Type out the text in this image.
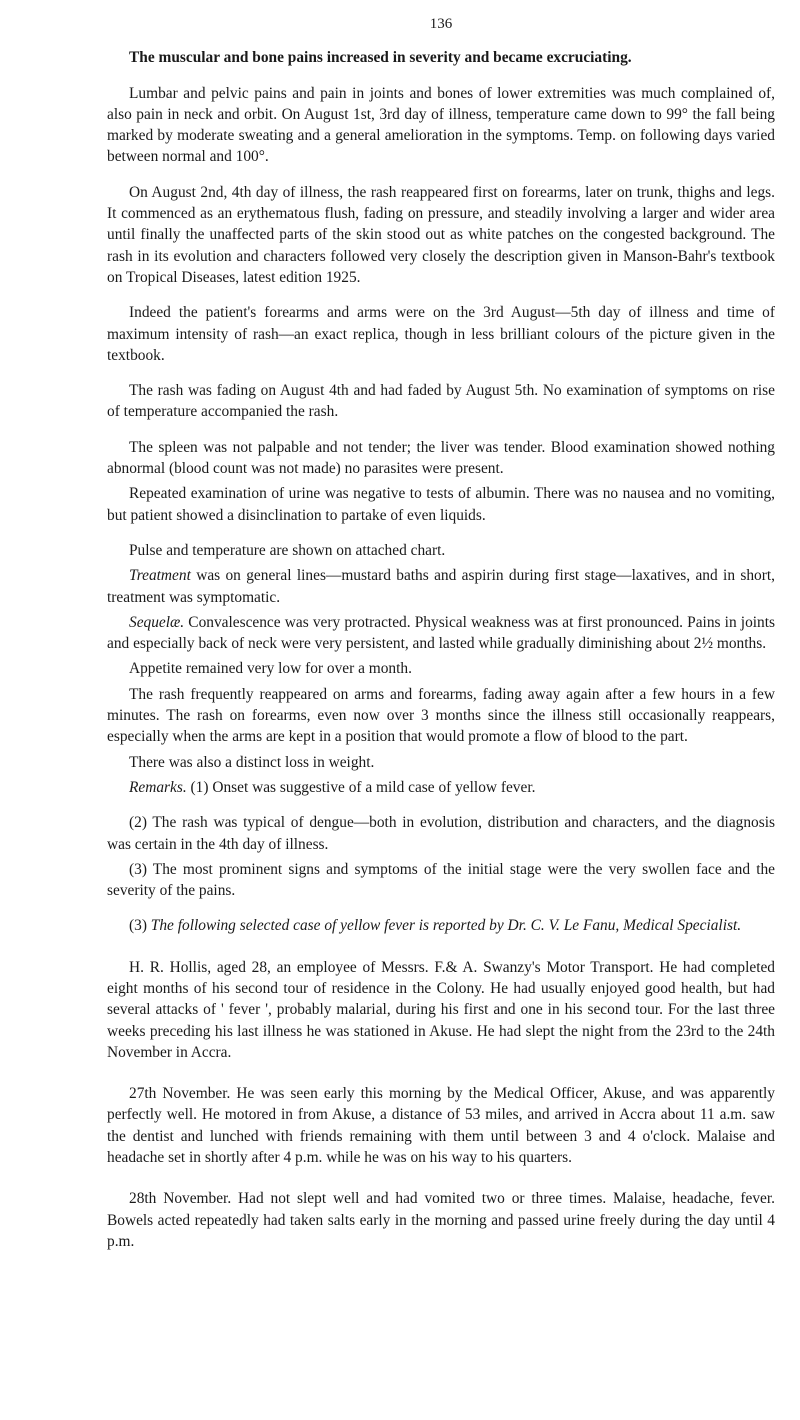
136

The muscular and bone pains increased in severity and became excruciating.

Lumbar and pelvic pains and pain in joints and bones of lower extremities was much complained of, also pain in neck and orbit. On August 1st, 3rd day of illness, temperature came down to 99° the fall being marked by moderate sweating and a general amelioration in the symptoms. Temp. on following days varied between normal and 100°.

On August 2nd, 4th day of illness, the rash reappeared first on forearms, later on trunk, thighs and legs. It commenced as an erythematous flush, fading on pressure, and steadily involving a larger and wider area until finally the unaffected parts of the skin stood out as white patches on the congested background. The rash in its evolution and characters followed very closely the description given in Manson-Bahr's textbook on Tropical Diseases, latest edition 1925.

Indeed the patient's forearms and arms were on the 3rd August—5th day of illness and time of maximum intensity of rash—an exact replica, though in less brilliant colours of the picture given in the textbook.

The rash was fading on August 4th and had faded by August 5th. No examination of symptoms on rise of temperature accompanied the rash.

The spleen was not palpable and not tender; the liver was tender. Blood examination showed nothing abnormal (blood count was not made) no parasites were present.

Repeated examination of urine was negative to tests of albumin. There was no nausea and no vomiting, but patient showed a disinclination to partake of even liquids.

Pulse and temperature are shown on attached chart.

Treatment was on general lines—mustard baths and aspirin during first stage—laxatives, and in short, treatment was symptomatic.

Sequelæ. Convalescence was very protracted. Physical weakness was at first pronounced. Pains in joints and especially back of neck were very persistent, and lasted while gradually diminishing about 2½ months.

Appetite remained very low for over a month.

The rash frequently reappeared on arms and forearms, fading away again after a few hours in a few minutes. The rash on forearms, even now over 3 months since the illness still occasionally reappears, especially when the arms are kept in a position that would promote a flow of blood to the part.

There was also a distinct loss in weight.

Remarks. (1) Onset was suggestive of a mild case of yellow fever.

(2) The rash was typical of dengue—both in evolution, distribution and characters, and the diagnosis was certain in the 4th day of illness.

(3) The most prominent signs and symptoms of the initial stage were the very swollen face and the severity of the pains.

(3) The following selected case of yellow fever is reported by Dr. C. V. Le Fanu, Medical Specialist.

H. R. Hollis, aged 28, an employee of Messrs. F.& A. Swanzy's Motor Transport. He had completed eight months of his second tour of residence in the Colony. He had usually enjoyed good health, but had several attacks of ' fever ', probably malarial, during his first and one in his second tour. For the last three weeks preceding his last illness he was stationed in Akuse. He had slept the night from the 23rd to the 24th November in Accra.

27th November. He was seen early this morning by the Medical Officer, Akuse, and was apparently perfectly well. He motored in from Akuse, a distance of 53 miles, and arrived in Accra about 11 a.m. saw the dentist and lunched with friends remaining with them until between 3 and 4 o'clock. Malaise and headache set in shortly after 4 p.m. while he was on his way to his quarters.

28th November. Had not slept well and had vomited two or three times. Malaise, headache, fever. Bowels acted repeatedly had taken salts early in the morning and passed urine freely during the day until 4 p.m.
